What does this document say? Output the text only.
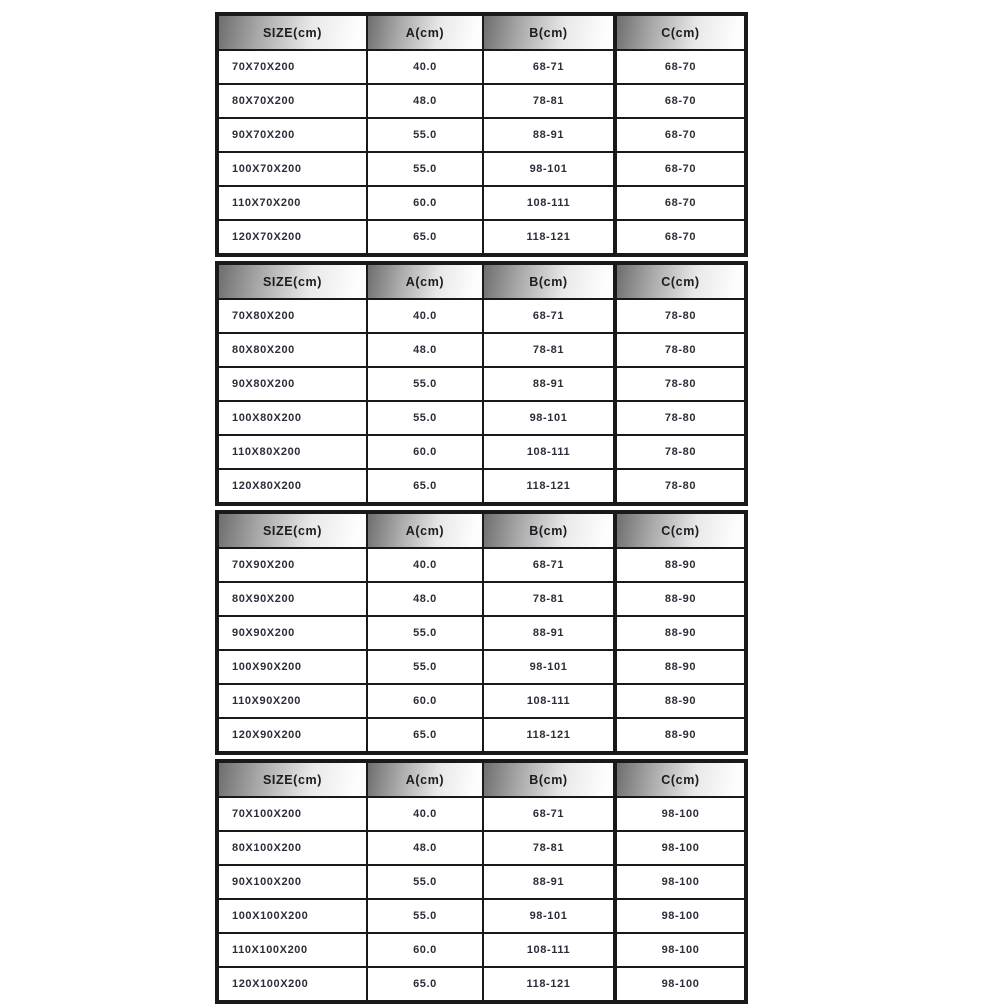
SIZE(cm)	A(cm)	B(cm)	C(cm)
70X70X200	40.0	68-71	68-70
80X70X200	48.0	78-81	68-70
90X70X200	55.0	88-91	68-70
100X70X200	55.0	98-101	68-70
110X70X200	60.0	108-111	68-70
120X70X200	65.0	118-121	68-70
SIZE(cm)	A(cm)	B(cm)	C(cm)
70X80X200	40.0	68-71	78-80
80X80X200	48.0	78-81	78-80
90X80X200	55.0	88-91	78-80
100X80X200	55.0	98-101	78-80
110X80X200	60.0	108-111	78-80
120X80X200	65.0	118-121	78-80
SIZE(cm)	A(cm)	B(cm)	C(cm)
70X90X200	40.0	68-71	88-90
80X90X200	48.0	78-81	88-90
90X90X200	55.0	88-91	88-90
100X90X200	55.0	98-101	88-90
110X90X200	60.0	108-111	88-90
120X90X200	65.0	118-121	88-90
SIZE(cm)	A(cm)	B(cm)	C(cm)
70X100X200	40.0	68-71	98-100
80X100X200	48.0	78-81	98-100
90X100X200	55.0	88-91	98-100
100X100X200	55.0	98-101	98-100
110X100X200	60.0	108-111	98-100
120X100X200	65.0	118-121	98-100
